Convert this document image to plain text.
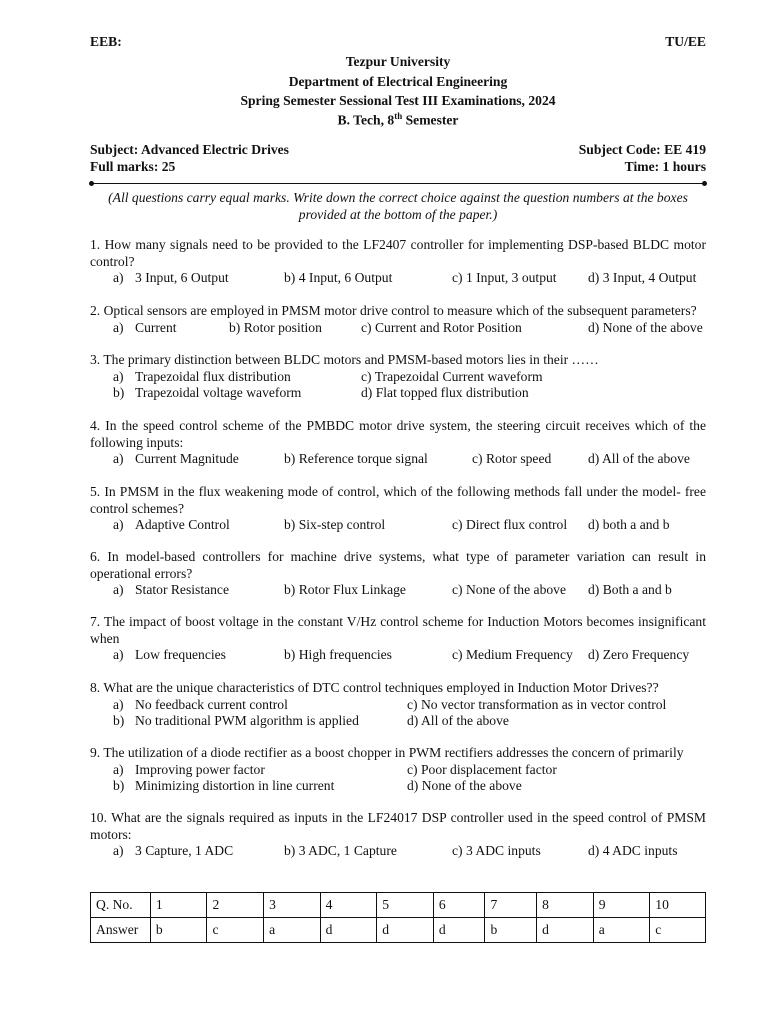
EEB:	TU/EE
Tezpur University
Department of Electrical Engineering
Spring Semester Sessional Test III Examinations, 2024
B. Tech, 8th Semester
Subject: Advanced Electric Drives	Subject Code: EE 419
Full marks: 25	Time: 1 hours
(All questions carry equal marks. Write down the correct choice against the question numbers at the boxes provided at the bottom of the paper.)
1. How many signals need to be provided to the LF2407 controller for implementing DSP-based BLDC motor control?
a) 3 Input, 6 Output	b) 4 Input, 6 Output	c) 1 Input, 3 output d) 3 Input, 4 Output
2. Optical sensors are employed in PMSM motor drive control to measure which of the subsequent parameters?
a) Current	b) Rotor position	c) Current and Rotor Position	d) None of the above
3. The primary distinction between BLDC motors and PMSM-based motors lies in their ……
a) Trapezoidal flux distribution	c) Trapezoidal Current waveform
b) Trapezoidal voltage waveform	d) Flat topped flux distribution
4. In the speed control scheme of the PMBDC motor drive system, the steering circuit receives which of the following inputs:
a) Current Magnitude	b) Reference torque signal	c) Rotor speed	d) All of the above
5. In PMSM in the flux weakening mode of control, which of the following methods fall under the model- free control schemes?
a) Adaptive Control	b) Six-step control	c) Direct flux control d) both a and b
6. In model-based controllers for machine drive systems, what type of parameter variation can result in operational errors?
a) Stator Resistance	b) Rotor Flux Linkage	c) None of the above d) Both a and b
7. The impact of boost voltage in the constant V/Hz control scheme for Induction Motors becomes insignificant when
a) Low frequencies	b) High frequencies	c) Medium Frequency d) Zero Frequency
8. What are the unique characteristics of DTC control techniques employed in Induction Motor Drives??
a) No feedback current control	c) No vector transformation as in vector control
b) No traditional PWM algorithm is applied	d) All of the above
9. The utilization of a diode rectifier as a boost chopper in PWM rectifiers addresses the concern of primarily
a) Improving power factor	c) Poor displacement factor
b) Minimizing distortion in line current	d) None of the above
10. What are the signals required as inputs in the LF24017 DSP controller used in the speed control of PMSM motors:
a) 3 Capture, 1 ADC	b) 3 ADC, 1 Capture	c) 3 ADC inputs	d) 4 ADC inputs
Q. No.	1	2	3	4	5	6	7	8	9	10
Answer	b	c	a	d	d	d	b	d	a	c
